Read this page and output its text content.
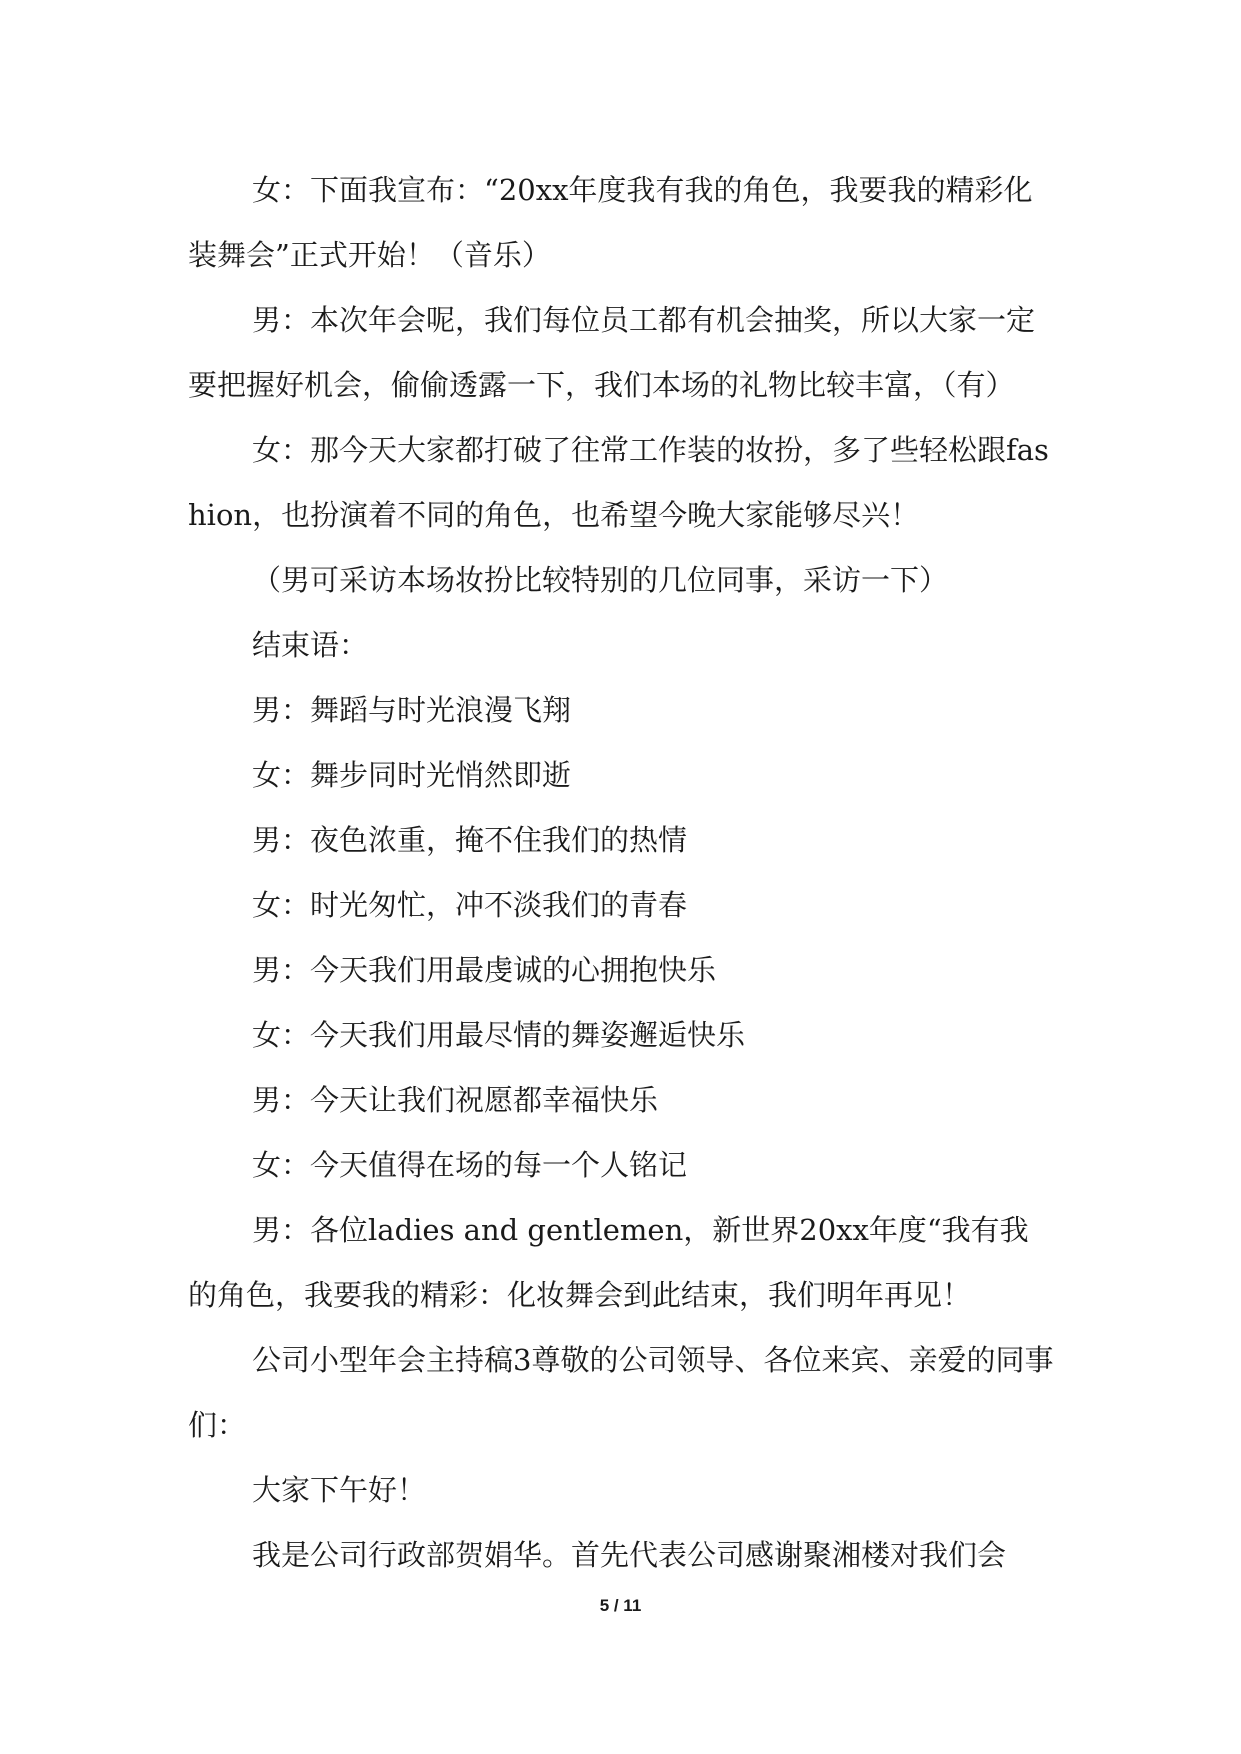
女：下面我宣布：“20xx年度我有我的角色，我要我的精彩化装舞会”正式开始！（音乐）

男：本次年会呢，我们每位员工都有机会抽奖，所以大家一定要把握好机会，偷偷透露一下，我们本场的礼物比较丰富，（有）

女：那今天大家都打破了往常工作装的妆扮，多了些轻松跟fashion，也扮演着不同的角色，也希望今晚大家能够尽兴！

（男可采访本场妆扮比较特别的几位同事，采访一下）

结束语：

男：舞蹈与时光浪漫飞翔

女：舞步同时光悄然即逝

男：夜色浓重，掩不住我们的热情

女：时光匆忙，冲不淡我们的青春

男：今天我们用最虔诚的心拥抱快乐

女：今天我们用最尽情的舞姿邂逅快乐

男：今天让我们祝愿都幸福快乐

女：今天值得在场的每一个人铭记

男：各位ladies and gentlemen，新世界20xx年度“我有我的角色，我要我的精彩：化妆舞会到此结束，我们明年再见！

公司小型年会主持稿3尊敬的公司领导、各位来宾、亲爱的同事们：

大家下午好！

我是公司行政部贺娟华。首先代表公司感谢聚湘楼对我们会

5 / 11
